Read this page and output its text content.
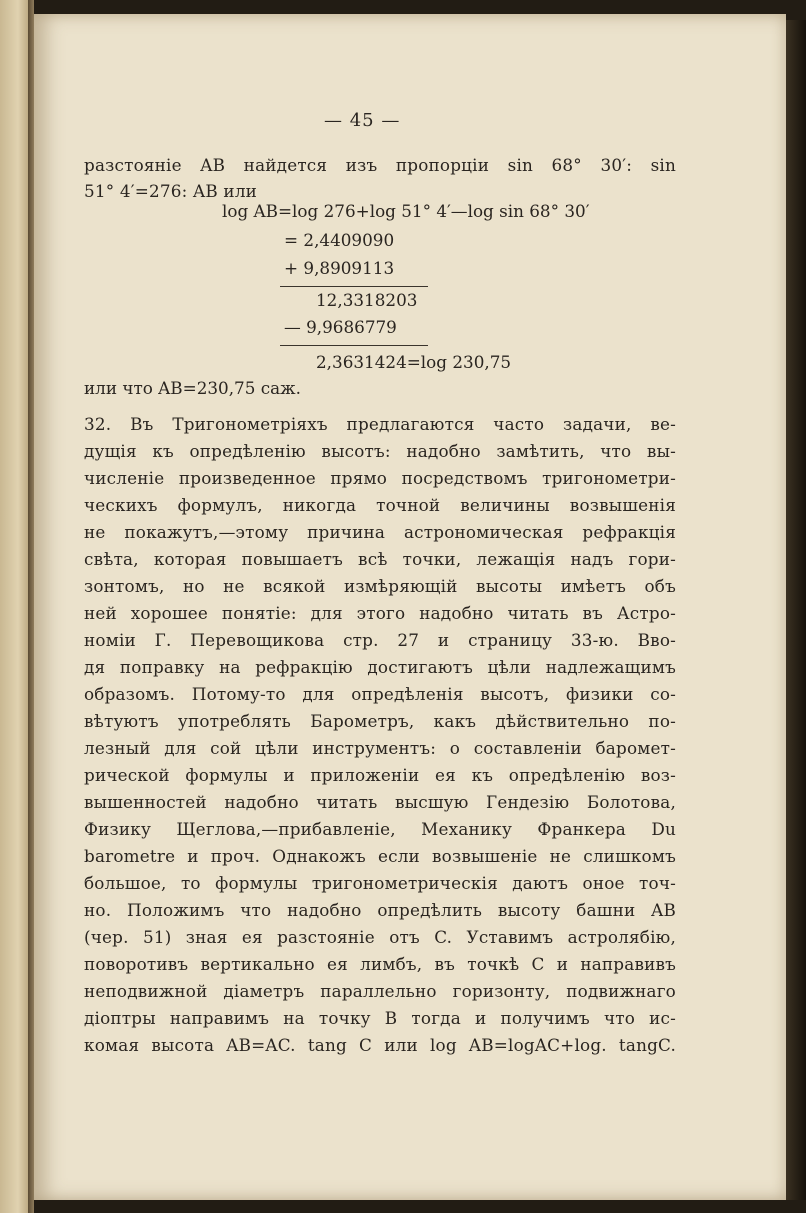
— 45 —
разстояніе AB найдется изъ пропорціи sin 68° 30′: sin
51° 4′=276: AB или
log AB=log 276+log 51° 4′—log sin 68° 30′
= 2,4409090
+ 9,8909113
12,3318203
— 9,9686779
2,3631424=log 230,75
или что AB=230,75 саж.
32. Въ Тригонометріяхъ предлагаются часто задачи, ве-
дущія къ опредѣленію высотъ: надобно замѣтить, что вы-
численіе произведенное прямо посредствомъ тригонометри-
ческихъ формулъ, никогда точной величины возвышенія
не покажутъ,—этому причина астрономическая рефракція
свѣта, которая повышаетъ всѣ точки, лежащія надъ гори-
зонтомъ, но не всякой измѣряющій высоты имѣетъ объ
ней хорошее понятіе: для этого надобно читать въ Астро-
номіи Г. Перевощикова стр. 27 и страницу 33-ю. Вво-
дя поправку на рефракцію достигаютъ цѣли надлежащимъ
образомъ. Потому-то для опредѣленія высотъ, физики со-
вѣтуютъ употреблять Барометръ, какъ дѣйствительно по-
лезный для сой цѣли инструментъ: о составленіи баромет-
рической формулы и приложеніи ея къ опредѣленію воз-
вышенностей надобно читать высшую Гендезію Болотова,
Физику Щеглова,—прибавленіе, Механику Франкера Du
barometre и проч. Однакожъ если возвышеніе не слишкомъ
большое, то формулы тригонометрическія даютъ оное точ-
но. Положимъ что надобно опредѣлить высоту башни AB
(чер. 51) зная ея разстояніе отъ C. Уставимъ астролябію,
поворотивъ вертикально ея лимбъ, въ точкѣ C и направивъ
неподвижной діаметръ параллельно горизонту, подвижнаго
діоптры направимъ на точку B тогда и получимъ что ис-
комая высота AB=AC. tang C или log AB=logAC+log. tangC.
